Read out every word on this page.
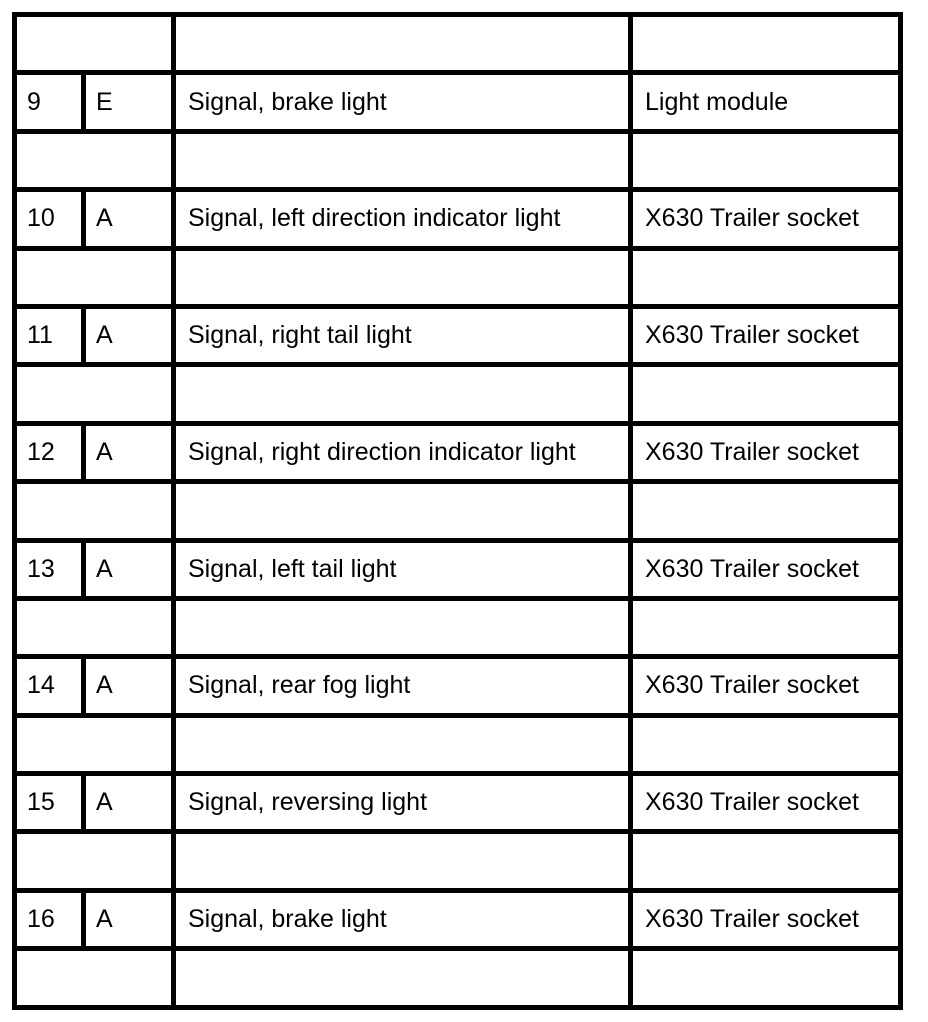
9	E	Signal, brake light	Light module

10	A	Signal, left direction indicator light	X630 Trailer socket

11	A	Signal, right tail light	X630 Trailer socket

12	A	Signal, right direction indicator light	X630 Trailer socket

13	A	Signal, left tail light	X630 Trailer socket

14	A	Signal, rear fog light	X630 Trailer socket

15	A	Signal, reversing light	X630 Trailer socket

16	A	Signal, brake light	X630 Trailer socket
